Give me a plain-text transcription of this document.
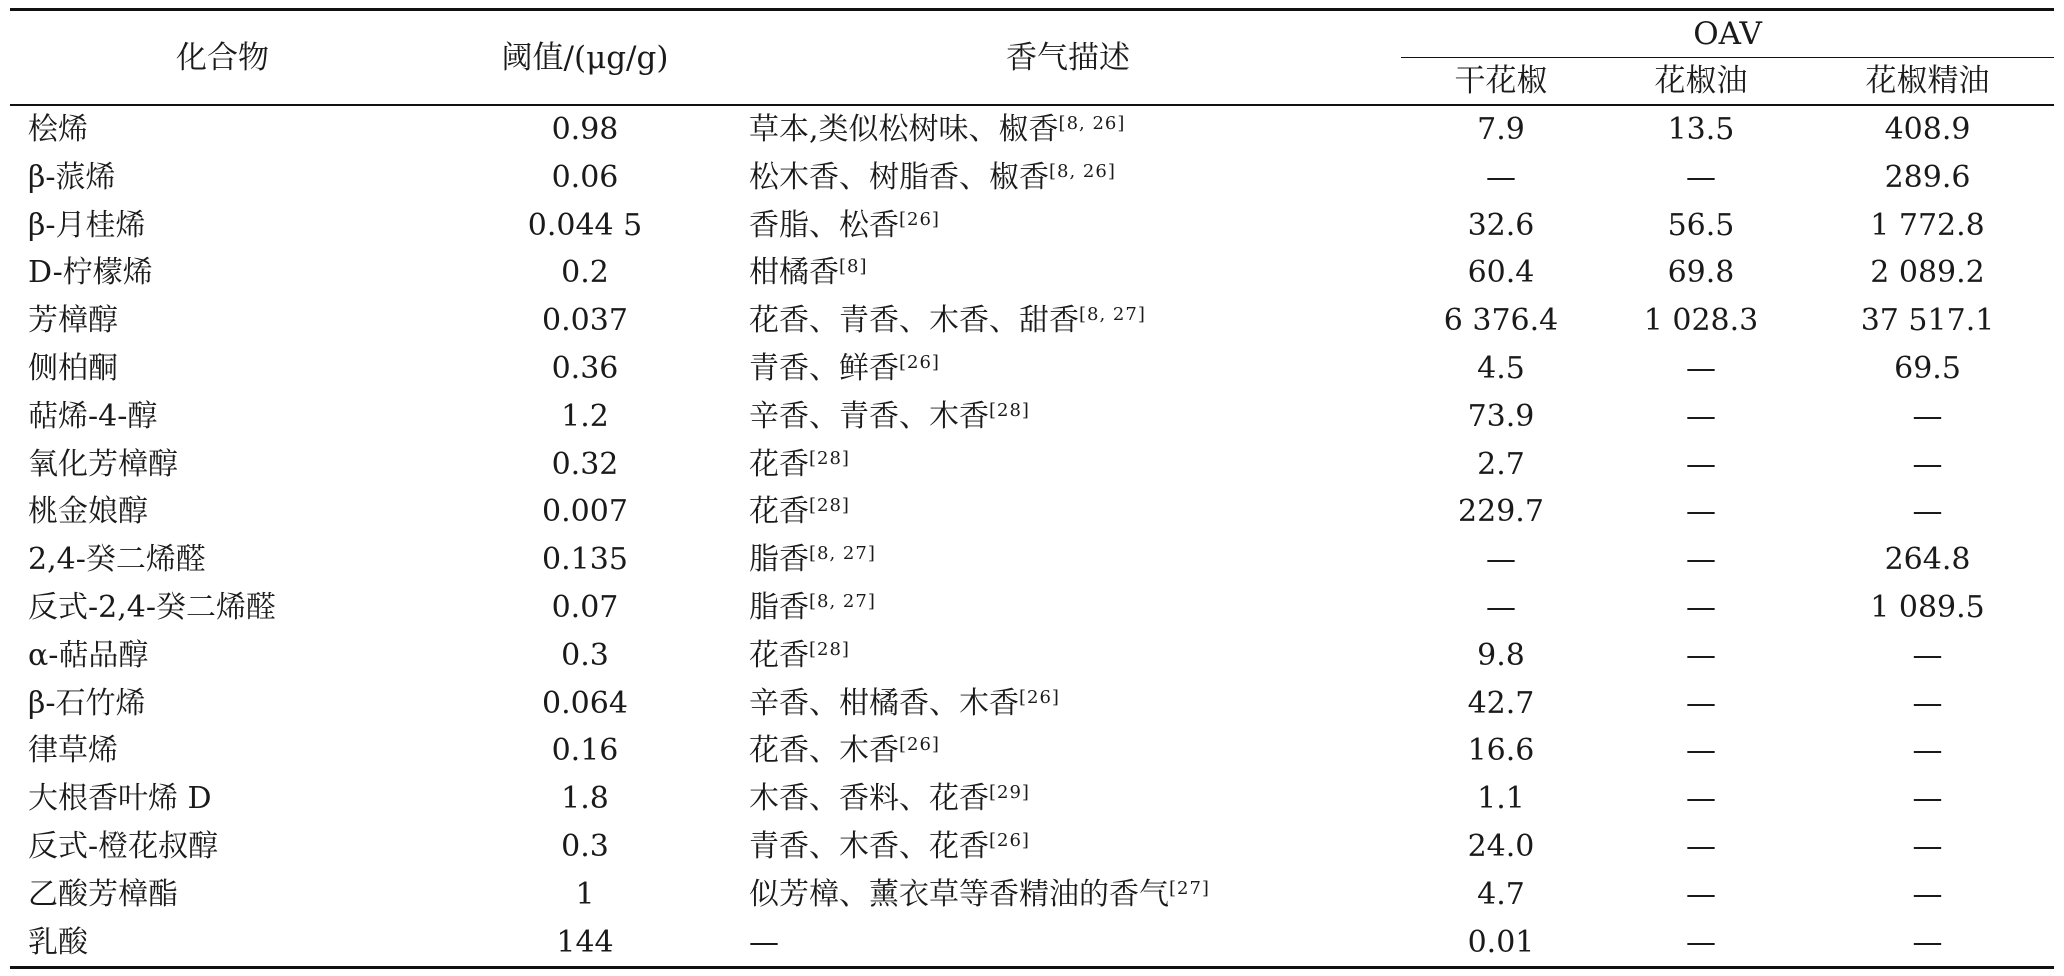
化合物	阈值/(μg/g)	香气描述	OAV		
			干花椒	花椒油	花椒精油
桧烯	0.98	草本,类似松树味、椒香[8, 26]	7.9	13.5	408.9
β-蒎烯	0.06	松木香、树脂香、椒香[8, 26]	—	—	289.6
β-月桂烯	0.044 5	香脂、松香[26]	32.6	56.5	1 772.8
D-柠檬烯	0.2	柑橘香[8]	60.4	69.8	2 089.2
芳樟醇	0.037	花香、青香、木香、甜香[8, 27]	6 376.4	1 028.3	37 517.1
侧柏酮	0.36	青香、鲜香[26]	4.5	—	69.5
萜烯-4-醇	1.2	辛香、青香、木香[28]	73.9	—	—
氧化芳樟醇	0.32	花香[28]	2.7	—	—
桃金娘醇	0.007	花香[28]	229.7	—	—
2,4-癸二烯醛	0.135	脂香[8, 27]	—	—	264.8
反式-2,4-癸二烯醛	0.07	脂香[8, 27]	—	—	1 089.5
α-萜品醇	0.3	花香[28]	9.8	—	—
β-石竹烯	0.064	辛香、柑橘香、木香[26]	42.7	—	—
律草烯	0.16	花香、木香[26]	16.6	—	—
大根香叶烯 D	1.8	木香、香料、花香[29]	1.1	—	—
反式-橙花叔醇	0.3	青香、木香、花香[26]	24.0	—	—
乙酸芳樟酯	1	似芳樟、薰衣草等香精油的香气[27]	4.7	—	—
乳酸	144	—	0.01	—	—
